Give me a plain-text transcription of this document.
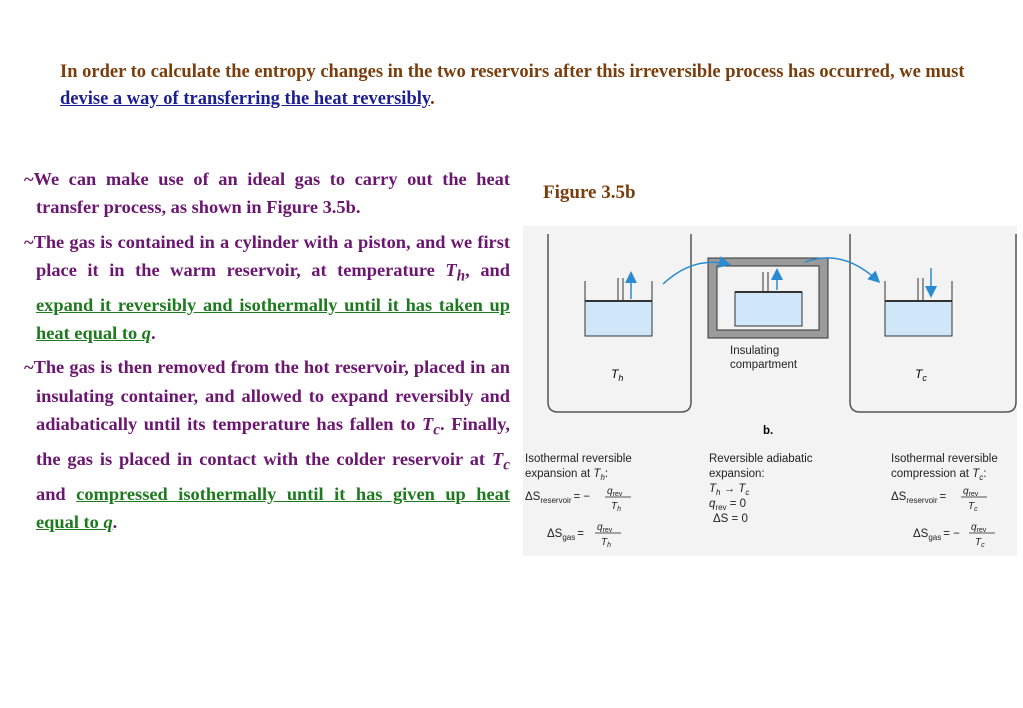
In order to calculate the entropy changes in the two reservoirs after this irreversible process has occurred, we must devise a way of transferring the heat reversibly.

~We can make use of an ideal gas to carry out the heat transfer process, as shown in Figure 3.5b.

~The gas is contained in a cylinder with a piston, and we first place it in the warm reservoir, at temperature $T_h$, and expand it reversibly and isothermally until it has taken up heat equal to q.

~The gas is then removed from the hot reservoir, placed in an insulating container, and allowed to expand reversibly and adiabatically until its temperature has fallen to $T_c$. Finally, the gas is placed in contact with the colder reservoir at $T_c$ and compressed isothermally until it has given up heat equal to q.

Figure 3.5b
$T_h$
Insulating compartment
$T_c$
b.
Isothermal reversible
expansion at $T_h$:
$\Delta S_{reservoir}$ = − $q_{rev}$
$T_h$
$\Delta S_{gas}$ =
$q_{rev}$
$T_h$
Reversible adiabatic
expansion:
$T_h \to T_c$
$q_{rev} = 0$
ΔS = 0
Isothermal reversible
compression at $T_c$:
$\Delta S_{reservoir} = q_{rev}$
$T_c$
$\Delta S_{gas}$ = −
$q_{rev}$
$T_c$
